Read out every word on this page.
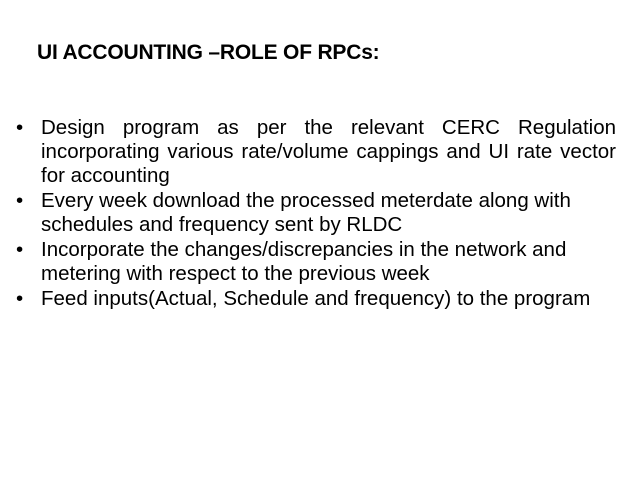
UI ACCOUNTING –ROLE OF RPCs:
• Design program as per the relevant CERC Regulation incorporating various rate/volume cappings and UI rate vector for accounting
• Every week download the processed meterdate along with schedules and frequency sent by RLDC
• Incorporate the changes/discrepancies in the network and metering with respect to the previous week
• Feed inputs(Actual, Schedule and frequency) to the program
